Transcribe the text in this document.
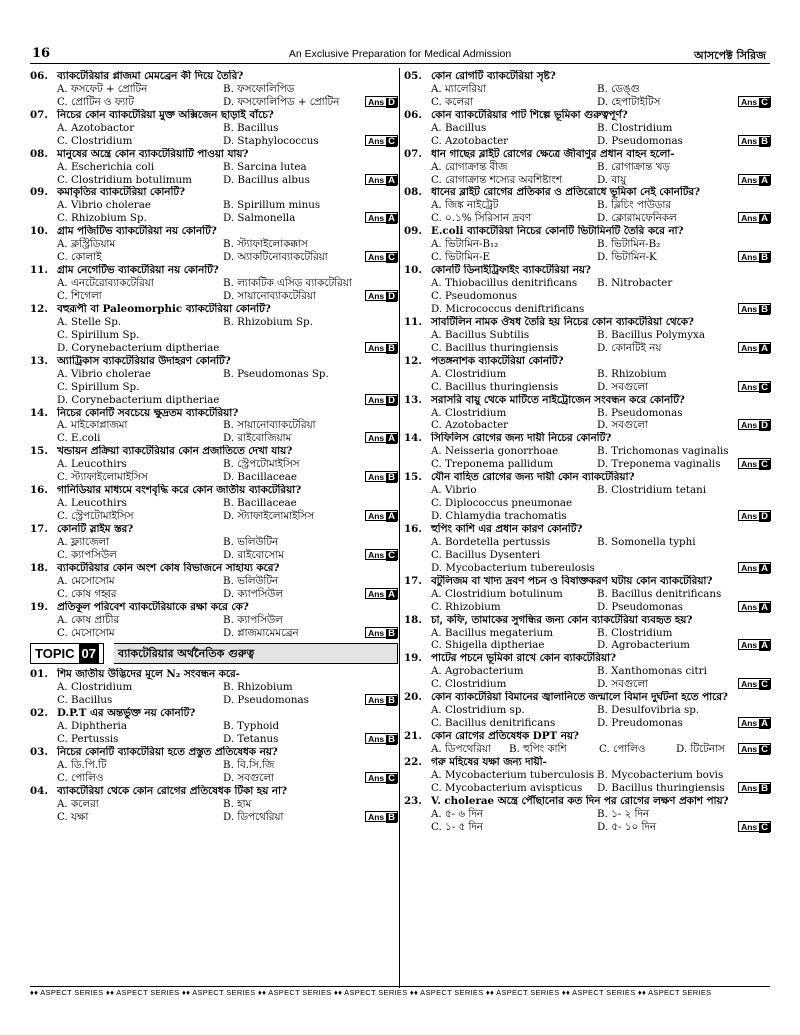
16	An Exclusive Preparation for Medical Admission	আসপেক্ট সিরিজ
06. ব্যাকটেরিয়ার প্লাজমা মেমব্রেন কী দিয়ে তৈরি?
A. ফসফেট + প্রোটিন	B. ফসফোলিপিড
C. প্রোটিন ও ফ্যাট	D. ফসফোলিপিড + প্রোটিন	Ans D
07. নিচের কোন ব্যাকটেরিয়া মুক্ত অক্সিজেন ছাড়াই বাঁচে?
A. Azotobactor	B. Bacillus
C. Clostridium	D. Staphylococcus	Ans C
08. মানুষের অন্ত্রে কোন ব্যাকটেরিয়াটি পাওয়া যায়?
A. Escherichia coli	B. Sarcina lutea
C. Clostridium botulimum	D. Bacillus albus	Ans A
09. কমাকৃতির ব্যাকটেরিয়া কোনটি?
A. Vibrio cholerae	B. Spirillum minus
C. Rhizobium Sp.	D. Salmonella	Ans A
10. গ্রাম পজিটিভ ব্যাকটেরিয়া নয় কোনটি?
A. ক্লস্ট্রিডিয়াম	B. স্ট্যাফাইলোকক্কাস
C. কোলাই	D. অ্যাকটিনোব্যাকটেরিয়া	Ans C
11. গ্রাম নেগেটিভ ব্যাকটেরিয়া নয় কোনটি?
A. এনটেরোব্যাকটেরিয়া	B. ল্যাকটিক এসিড ব্যাকটেরিয়া
C. শিগেলা	D. সায়ানোব্যাকটেরিয়া	Ans D
12. বহুরূপী বা Paleomorphic ব্যাকটেরিয়া কোনটি?
A. Stelle Sp.	B. Rhizobium Sp.
C. Spirillum Sp.
D. Corynebacterium diptheriae	Ans B
13. অ্যাট্রিকাস ব্যাকটেরিয়ার উদাহরণ কোনটি?
A. Vibrio cholerae	B. Pseudomonas Sp.
C. Spirillum Sp.
D. Corynebacterium diptheriae	Ans D
14. নিচের কোনটি সবচেয়ে ক্ষুদ্রতম ব্যাকটেরিয়া?
A. মাইকোপ্লাজমা	B. সায়ানোব্যাকটেরিয়া
C. E.coli	D. রাইবোজিয়াম	Ans A
15. খন্ডায়ন প্রক্রিয়া ব্যাকটেরিয়ার কোন প্রজাতিতে দেখা যায়?
A. Leucothirs	B. স্ট্রেপটোমাইসিস
C. স্ট্যাফাইলোমাইসিস	D. Bacillaceae	Ans B
16. গানিডিয়ার মাধ্যমে বংশবৃদ্ধি করে কোন জাতীয় ব্যাকটেরিয়া?
A. Leucothirs	B. Bacillaceae
C. স্ট্রেপটোমাইসিস	D. স্ট্যাফাইলোমাইসিস	Ans A
17. কোনটি স্লাইম স্তর?
A. ফ্ল্যাজেলা	B. ভলিউটিন
C. ক্যাপসিউল	D. রাইবোসোম	Ans C
18. ব্যাকটেরিয়ার কোন অংশ কোষ বিভাজনে সাহায্য করে?
A. মেসোসোম	B. ভলিউটিন
C. কোষ গহ্বর	D. ক্যাপসিউল	Ans A
19. প্রতিকূল পরিবেশ ব্যাকটেরিয়াকে রক্ষা করে কে?
A. কোষ প্রাচীর	B. ক্যাপসিউল
C. মেসোসোম	D. প্লাজমামেমব্রেন	Ans B
TOPIC 07	ব্যাকটেরিয়ার অর্থনৈতিক গুরুত্ব
01. শিম জাতীয় উদ্ভিদের মূলে N₂ সংবন্ধন করে-
A. Clostridium	B. Rhizobium
C. Bacillus	D. Pseudomonas	Ans B
02. D.P.T এর অন্তর্ভুক্ত নয় কোনটি?
A. Diphtheria	B. Typhoid
C. Pertussis	D. Tetanus	Ans B
03. নিচের কোনটি ব্যাকটেরিয়া হতে প্রস্তুত প্রতিষেধক নয়?
A. ডি.পি.টি	B. বি.সি.জি
C. পোলিও	D. সবগুলো	Ans C
04. ব্যাকটেরিয়া থেকে কোন রোগের প্রতিষেধক টিকা হয় না?
A. কলেরা	B. হাম
C. যক্ষা	D. ডিপথেরিয়া	Ans B
05. কোন রোগটি ব্যাকটেরিয়া সৃষ্ট?
A. ম্যালেরিয়া	B. ডেঙ্গু
C. কলেরা	D. হেপাটাইটিস	Ans C
06. কোন ব্যাকটেরিয়ার পাট শিল্পে ভূমিকা গুরুত্বপূর্ণ?
A. Bacillus	B. Clostridium
C. Azotobacter	D. Pseudomonas	Ans B
07. ধান গাছের ব্লাইট রোগের ক্ষেত্রে জীবাণুর প্রধান বাহন হলো-
A. রোগাক্রান্ত বীজ	B. রোগাক্রান্ত খড়
C. রোগাক্রান্ত শস্যের অবশিষ্টাংশ	D. বায়ু	Ans A
08. ধানের ব্লাইট রোগের প্রতিকার ও প্রতিরোধে ভূমিকা নেই কোনটির?
A. জিঙ্ক নাইট্রেট	B. ব্লিচিং পাউডার
C. ০.১% সিরিসান দ্রবণ	D. ক্লোরামফেনিকল	Ans A
09. E.coli ব্যাকটেরিয়া নিচের কোনটি ভিটামিনটি তৈরি করে না?
A. ভিটামিন-B₁₂	B. ভিটামিন-B₂
C. ভিটামিন-E	D. ভিটামিন-K	Ans B
10. কোনটি ডিনাইট্রিফাইং ব্যাকটেরিয়া নয়?
A. Thiobacillus denitrificans B. Nitrobacter
C. Pseudomonus
D. Micrococcus deniftrificans	Ans B
11. সাবটিলিন নামক ঔষধ তৈরি হয় নিচের কোন ব্যাকটেরিয়া থেকে?
A. Bacillus Subtilis	B. Bacillus Polymyxa
C. Bacillus thuringiensis	D. কোনটিই নয়	Ans A
12. পতঙ্গনাশক ব্যাকটেরিয়া কোনটি?
A. Clostridium	B. Rhizobium
C. Bacillus thuringiensis	D. সবগুলো	Ans C
13. সরাসরি বায়ু থেকে মাটিতে নাইট্রোজেন সংবন্ধন করে কোনটি?
A. Clostridium	B. Pseudomonas
C. Azotobacter	D. সবগুলো	Ans D
14. সিফিলিস রোগের জন্য দায়ী নিচের কোনটি?
A. Neisseria gonorrhoae	B. Trichomonas vaginalis
C. Treponema pallidum	D. Treponema vaginalis	Ans C
15. যৌন বাহিত রোগের জন্য দায়ী কোন ব্যাকটেরিয়া?
A. Vibrio	B. Clostridium tetani
C. Diplococcus pneumonae
D. Chlamydia trachomatis	Ans D
16. হুপিং কাশি এর প্রধান কারণ কোনটি?
A. Bordetella pertussis	B. Somonella typhi
C. Bacillus Dysenteri
D. Mycobacterium tubereulosis	Ans A
17. বটুলিজম বা খাদ্য দ্রবণ পচন ও বিষাক্তকরণ ঘটায় কোন ব্যাকটেরিয়া?
A. Clostridium botulinum	B. Bacillus denitrificans
C. Rhizobium	D. Pseudomonas	Ans A
18. চা, কফি, তামাকের সুগন্ধির জন্য কোন ব্যাকটেরিয়া ব্যবহৃত হয়?
A. Bacillus megaterium	B. Clostridium
C. Shigella diptheriae	D. Agrobacterium	Ans A
19. পাটের পচনে ভূমিকা রাখে কোন ব্যাকটেরিয়া?
A. Agrobacterium	B. Xanthomonas citri
C. Clostridium	D. সবগুলো	Ans C
20. কোন ব্যাকটেরিয়া বিমানের জ্বালানিতে জন্মালে বিমান দুর্ঘটনা হতে পারে?
A. Clostridium sp.	B. Desulfovibria sp.
C. Bacillus denitrificans	D. Preudomonas	Ans A
21. কোন রোগের প্রতিষেধক DPT নয়?
A. ডিপথেরিয়া B. হুপিং কাশি	C. পোলিও	D. টিটেনাস	Ans C
22. গরু মহিষের যক্ষা জন্য দায়ী-
A. Mycobacterium tuberculosis B. Mycobacterium bovis
C. Mycobacterium avispticus D. Bacillus thuringiensis	Ans B
23. V. cholerae অন্ত্রে পৌঁছানোর কত দিন পর রোগের লক্ষণ প্রকাশ পায়?
A. ৫- ৬ দিন	B. ১- ২ দিন
C. ১- ৫ দিন	D. ৫- ১০ দিন	Ans C
♦♦ ASPECT SERIES ♦♦ ASPECT SERIES ♦♦ ASPECT SERIES ♦♦ ASPECT SERIES ♦♦ ASPECT SERIES ♦♦ ASPECT SERIES ♦♦ ASPECT SERIES ♦♦ ASPECT SERIES ♦♦ ASPECT SERIES
